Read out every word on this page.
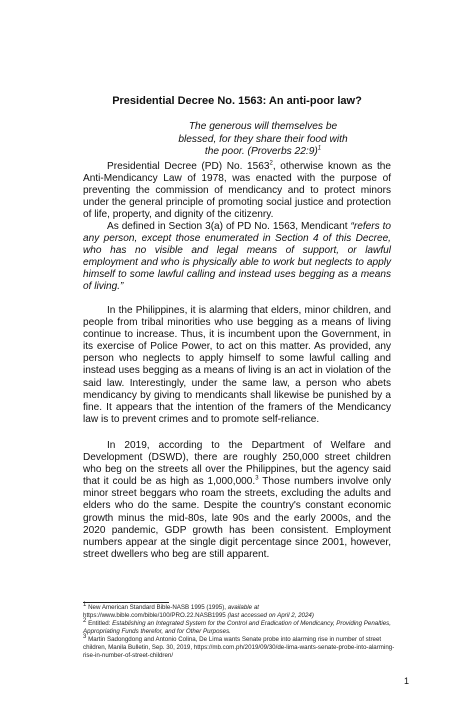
Presidential Decree No. 1563: An anti-poor law?
The generous will themselves be
blessed, for they share their food with
the poor. (Proverbs 22:9)$^1$

Presidential Decree (PD) No. 1563$^2$, otherwise known as the Anti-Mendicancy Law of 1978, was enacted with the purpose of preventing the commission of mendicancy and to protect minors under the general principle of promoting social justice and protection of life, property, and dignity of the citizenry.

As defined in Section 3(a) of PD No. 1563, Mendicant “refers to any person, except those enumerated in Section 4 of this Decree, who has no visible and legal means of support, or lawful employment and who is physically able to work but neglects to apply himself to some lawful calling and instead uses begging as a means of living.”

In the Philippines, it is alarming that elders, minor children, and people from tribal minorities who use begging as a means of living continue to increase. Thus, it is incumbent upon the Government, in its exercise of Police Power, to act on this matter. As provided, any person who neglects to apply himself to some lawful calling and instead uses begging as a means of living is an act in violation of the said law. Interestingly, under the same law, a person who abets mendicancy by giving to mendicants shall likewise be punished by a fine. It appears that the intention of the framers of the Mendicancy law is to prevent crimes and to promote self-reliance.

In 2019, according to the Department of Welfare and Development (DSWD), there are roughly 250,000 street children who beg on the streets all over the Philippines, but the agency said that it could be as high as 1,000,000.$^3$ Those numbers involve only minor street beggars who roam the streets, excluding the adults and elders who do the same. Despite the country's constant economic growth minus the mid-80s, late 90s and the early 2000s, and the 2020 pandemic, GDP growth has been consistent. Employment numbers appear at the single digit percentage since 2001, however, street dwellers who beg are still apparent.

$^1$ New American Standard Bible-NASB 1995 (1995), available at https://www.bible.com/bible/100/PRO.22.NASB1995 (last accessed on April 2, 2024)

$^2$ Entitled: Establishing an Integrated System for the Control and Eradication of Mendicancy, Providing Penalties, Appropriating Funds therefor, and for Other Purposes.

$^3$ Martin Sadongdong and Antonio Colina, De Lima wants Senate probe into alarming rise in number of street children, Manila Bulletin, Sep. 30, 2019, https://mb.com.ph/2019/09/30/de-lima-wants-senate-probe-into-alarming-rise-in-number-of-street-children/

1
